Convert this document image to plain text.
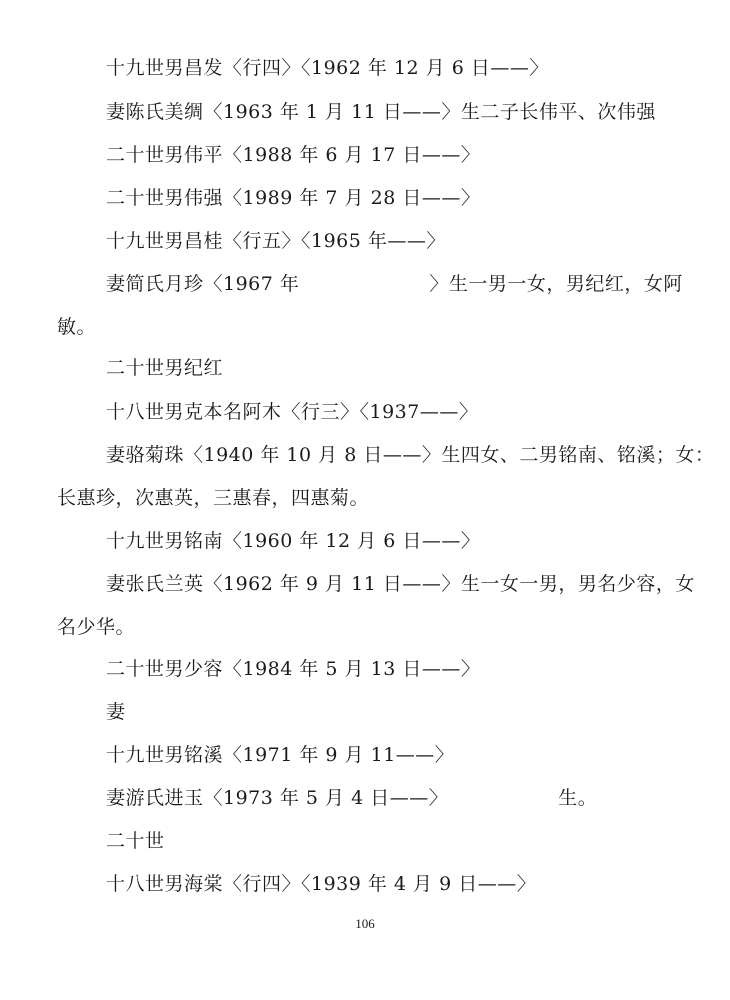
十九世男昌发〈行四〉〈1962 年 12 月 6 日——〉
妻陈氏美绸〈1963 年 1 月 11 日——〉生二子长伟平、次伟强
二十世男伟平〈1988 年 6 月 17 日——〉
二十世男伟强〈1989 年 7 月 28 日——〉
十九世男昌桂〈行五〉〈1965 年——〉
妻简氏月珍〈1967 年	〉生一男一女，男纪红，女阿
敏。
二十世男纪红
十八世男克本名阿木〈行三〉〈1937——〉
妻骆菊珠〈1940 年 10 月 8 日——〉生四女、二男铭南、铭溪；女：
长惠珍，次惠英，三惠春，四惠菊。
十九世男铭南〈1960 年 12 月 6 日——〉
妻张氏兰英〈1962 年 9 月 11 日——〉生一女一男，男名少容，女
名少华。
二十世男少容〈1984 年 5 月 13 日——〉
妻
十九世男铭溪〈1971 年 9 月 11——〉
妻游氏进玉〈1973 年 5 月 4 日——〉	生。
二十世
十八世男海棠〈行四〉〈1939 年 4 月 9 日——〉
106
